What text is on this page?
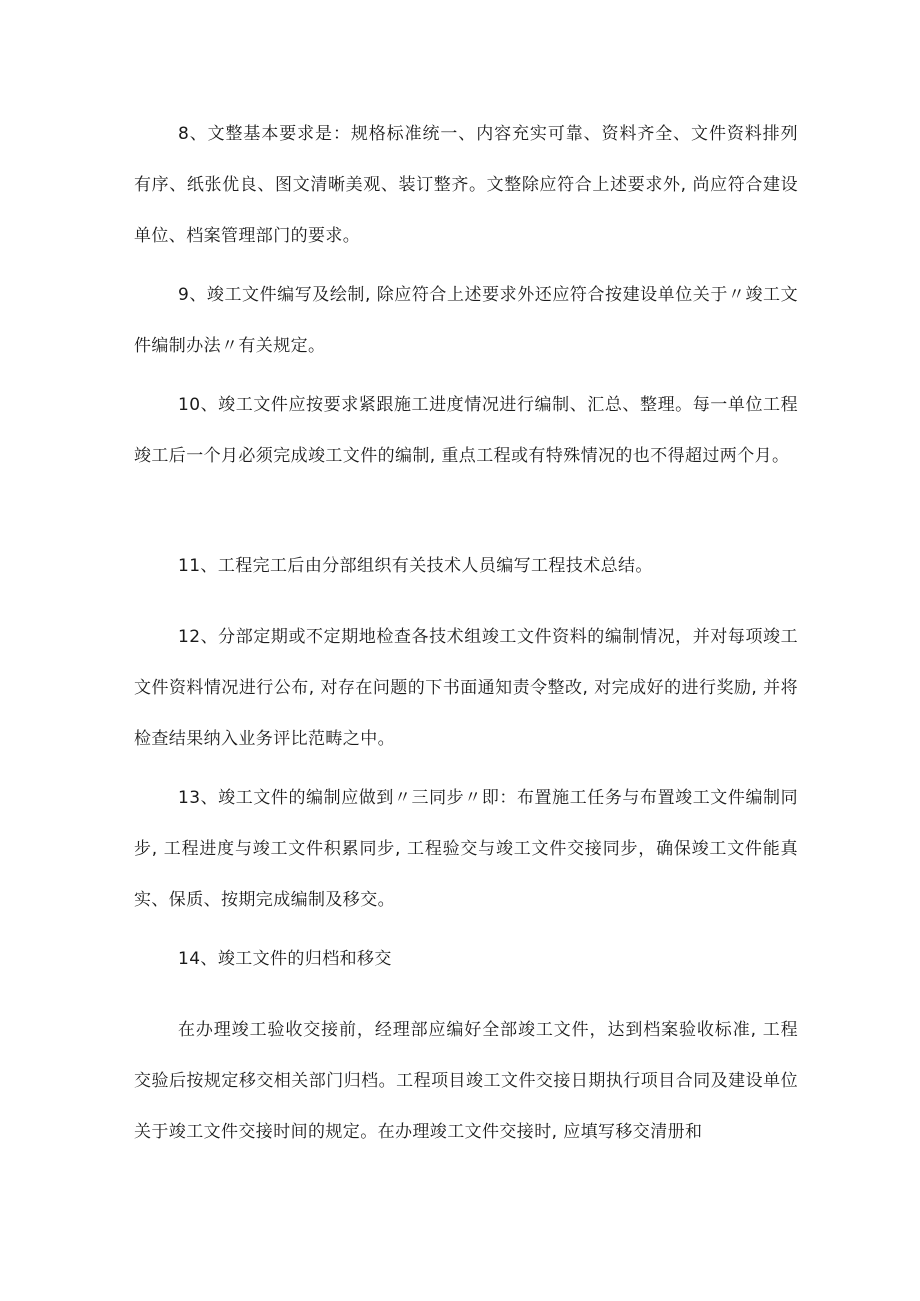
8、文整基本要求是：规格标准统一、内容充实可靠、资料齐全、文件资料排列有序、纸张优良、图文清晰美观、装订整齐。文整除应符合上述要求外, 尚应符合建设单位、档案管理部门的要求。

9、竣工文件编写及绘制, 除应符合上述要求外还应符合按建设单位关于〃竣工文件编制办法〃有关规定。

10、竣工文件应按要求紧跟施工进度情况进行编制、汇总、整理。每一单位工程竣工后一个月必须完成竣工文件的编制, 重点工程或有特殊情况的也不得超过两个月。

11、工程完工后由分部组织有关技术人员编写工程技术总结。

12、分部定期或不定期地检查各技术组竣工文件资料的编制情况，并对每项竣工文件资料情况进行公布, 对存在问题的下书面通知责令整改, 对完成好的进行奖励, 并将检查结果纳入业务评比范畴之中。

13、竣工文件的编制应做到〃三同步〃即：布置施工任务与布置竣工文件编制同步, 工程进度与竣工文件积累同步, 工程验交与竣工文件交接同步，确保竣工文件能真实、保质、按期完成编制及移交。

14、竣工文件的归档和移交

在办理竣工验收交接前，经理部应编好全部竣工文件，达到档案验收标准, 工程交验后按规定移交相关部门归档。工程项目竣工文件交接日期执行项目合同及建设单位关于竣工文件交接时间的规定。在办理竣工文件交接时, 应填写移交清册和
